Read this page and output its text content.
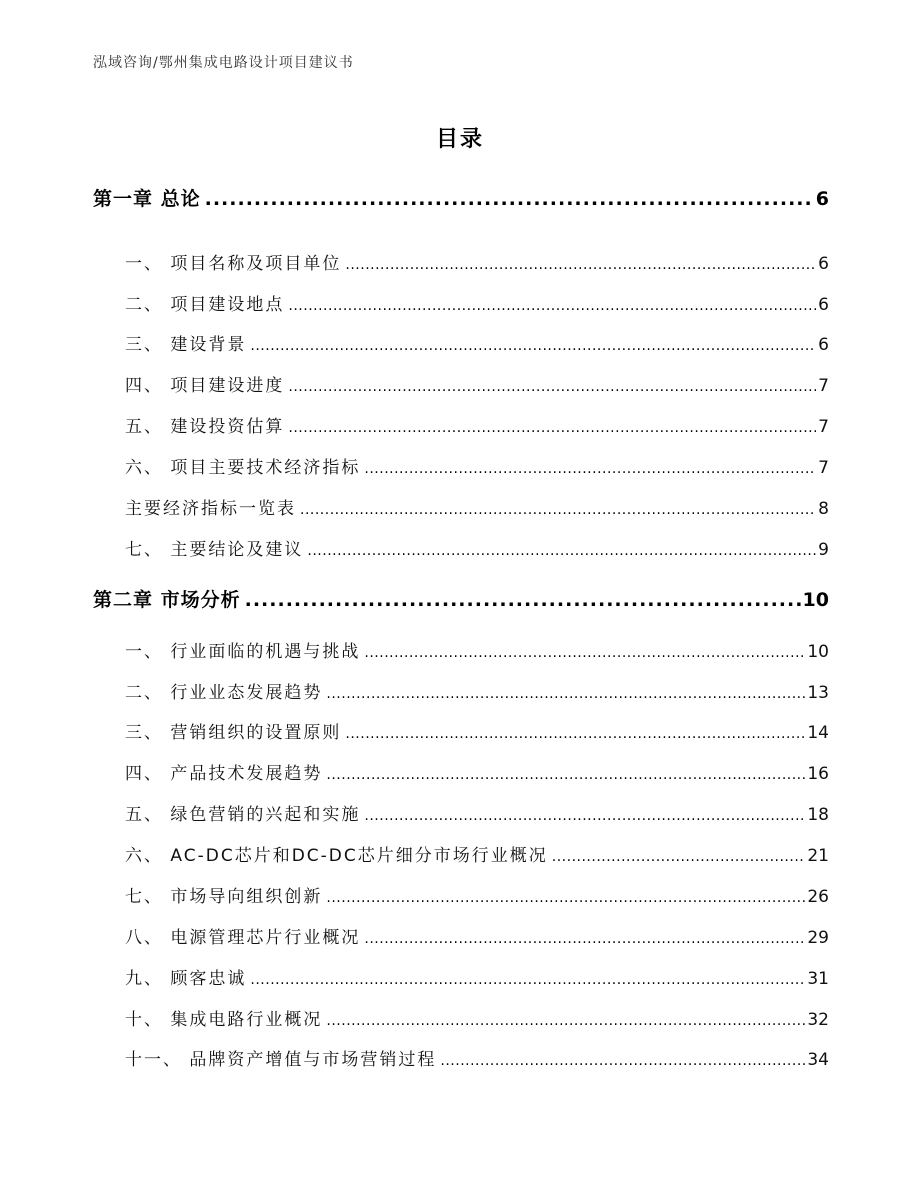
泓域咨询/鄂州集成电路设计项目建议书
目录
第一章 总论 .....	6
一、 项目名称及项目单位 .....	6
二、 项目建设地点 .....	6
三、 建设背景 .....	6
四、 项目建设进度 .....	7
五、 建设投资估算 .....	7
六、 项目主要技术经济指标 .....	7
主要经济指标一览表 .....	8
七、 主要结论及建议 .....	9
第二章 市场分析 .....	10
一、 行业面临的机遇与挑战 .....	10
二、 行业业态发展趋势 .....	13
三、 营销组织的设置原则 .....	14
四、 产品技术发展趋势 .....	16
五、 绿色营销的兴起和实施 .....	18
六、 AC-DC芯片和DC-DC芯片细分市场行业概况 .....	21
七、 市场导向组织创新 .....	26
八、 电源管理芯片行业概况 .....	29
九、 顾客忠诚 .....	31
十、 集成电路行业概况 .....	32
十一、 品牌资产增值与市场营销过程 .....	34
